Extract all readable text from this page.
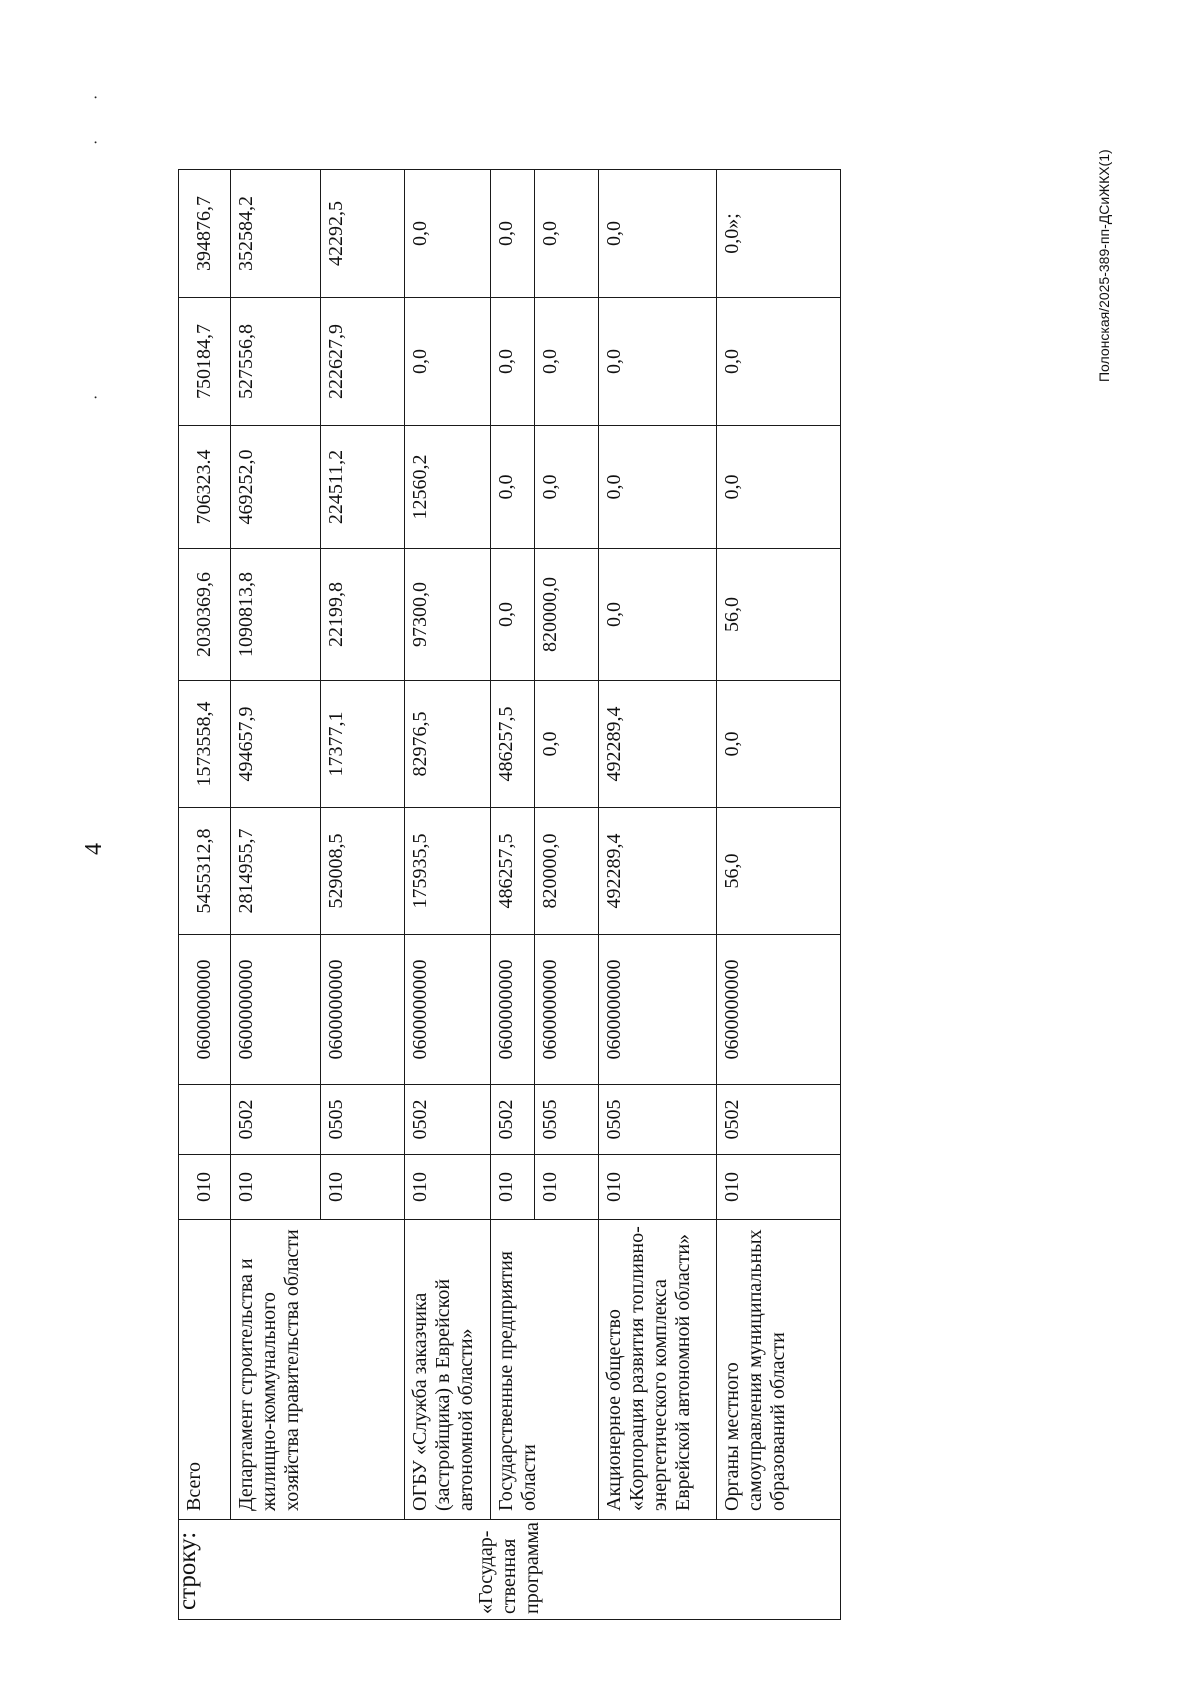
4
«Государ-ственная программа	Всего	010		0600000000	5455312,8	1573558,4	2030369,6	706323.4	750184,7	394876,7
	Департамент строительства и жилищно-коммунального хозяйства правительства области	010	0502	0600000000	2814955,7	494657,9	1090813,8	469252,0	527556,8	352584,2
		010	0505	0600000000	529008,5	17377,1	22199,8	224511,2	222627,9	42292,5
	ОГБУ «Служба заказчика (застройщика) в Еврейской автономной области»	010	0502	0600000000	175935,5	82976,5	97300,0	12560,2	0,0	0,0
	Государственные предприятия области	010	0502	0600000000	486257,5	486257,5	0,0	0,0	0,0	0,0
		010	0505	0600000000	820000,0	0,0	820000,0	0,0	0,0	0,0
	Акционерное общество «Корпорация развития топливно-энергетического комплекса Еврейской автономной области»	010	0505	0600000000	492289,4	492289,4	0,0	0,0	0,0	0,0
	Органы местного самоуправления муниципальных образований области	010	0502	0600000000	56,0	0,0	56,0	0,0	0,0	0,0»;
строку:
Полонская/2025-389-пп-ДСиЖКХ(1)
·
·
·
